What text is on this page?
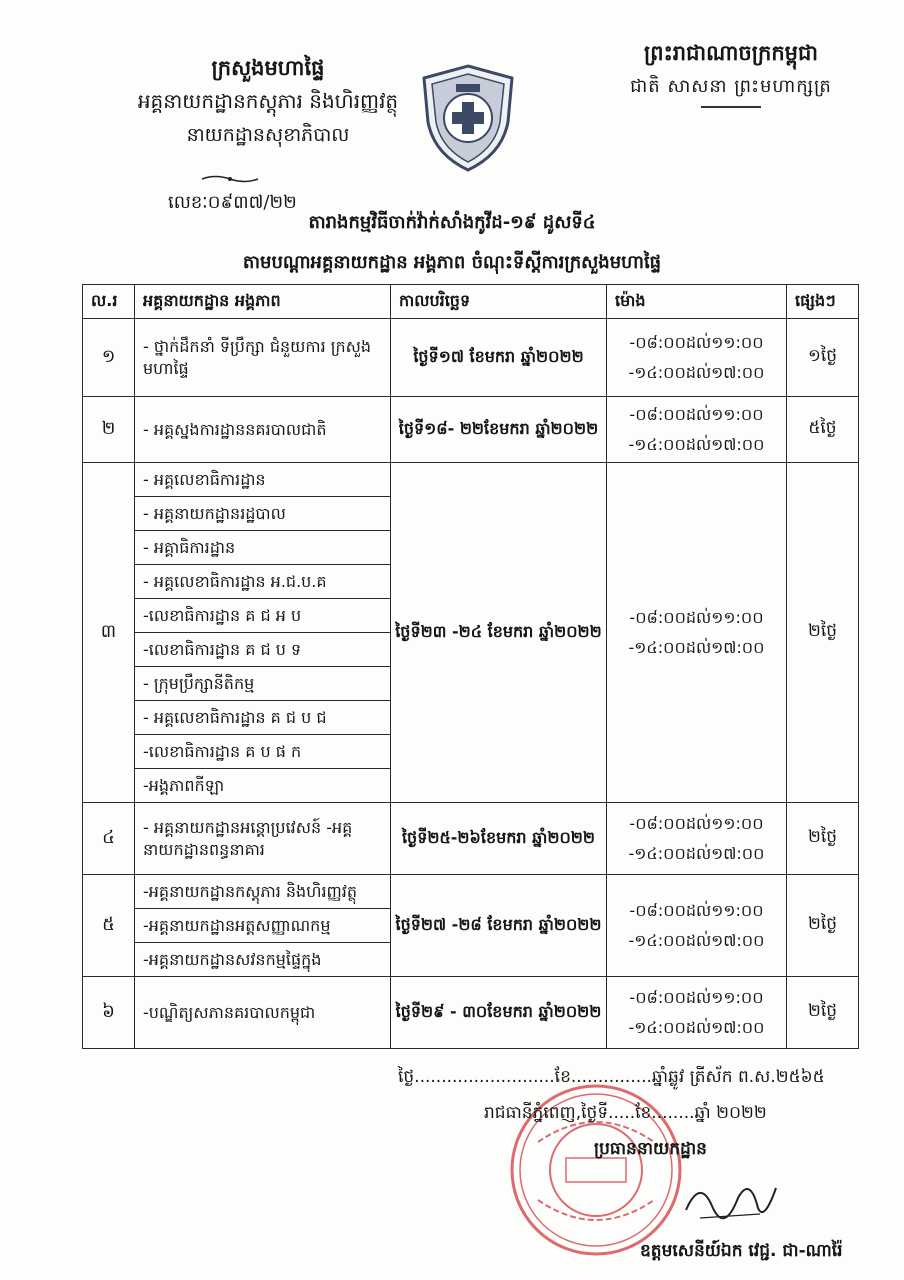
ក្រសួងមហាផ្ទៃ
អគ្គនាយកដ្ឋានកស្តុភារ និងហិរញ្ញវត្ថុ
នាយកដ្ឋានសុខាភិបាល
លេខៈ០៩៣៧/២២
ព្រះរាជាណាចក្រកម្ពុជា
ជាតិ សាសនា ព្រះមហាក្សត្រ
តារាងកម្មវិធីចាក់វ៉ាក់សាំងកូវីដ-១៩ ដូសទី៤
តាមបណ្តាអគ្គនាយកដ្ឋាន អង្គភាព ចំណុះទីស្តីការក្រសួងមហាផ្ទៃ
ល.រ	អគ្គនាយកដ្ឋាន អង្គភាព	កាលបរិច្ឆេទ	ម៉ោង	ផ្សេងៗ
១	- ថ្នាក់ដឹកនាំ ទីប្រឹក្សា ជំនួយការ ក្រសួងមហាផ្ទៃ	ថ្ងៃទី១៧ ខែមករា ឆ្នាំ២០២២	-០៨:០០ដល់១១:០០
-១៤:០០ដល់១៧:០០	១ថ្ងៃ
២	- អគ្គស្នងការដ្ឋាននគរបាលជាតិ	ថ្ងៃទី១៨- ២២ខែមករា ឆ្នាំ២០២២	-០៨:០០ដល់១១:០០
-១៤:០០ដល់១៧:០០	៥ថ្ងៃ
៣	- អគ្គលេខាធិការដ្ឋាន	ថ្ងៃទី២៣ -២៤ ខែមករា ឆ្នាំ២០២២	-០៨:០០ដល់១១:០០
-១៤:០០ដល់១៧:០០	២ថ្ងៃ
	- អគ្គនាយកដ្ឋានរដ្ឋបាល			
	- អគ្គាធិការដ្ឋាន			
	- អគ្គលេខាធិការដ្ឋាន អ.ជ.ប.គ			
	-លេខាធិការដ្ឋាន គ ជ អ ប			
	-លេខាធិការដ្ឋាន គ ជ ប ទ			
	- ក្រុមប្រឹក្សានីតិកម្ម			
	- អគ្គលេខាធិការដ្ឋាន គ ជ ប ជ			
	-លេខាធិការដ្ឋាន គ ប ផ ក			
	-អង្គភាពកីឡា			
៤	- អគ្គនាយកដ្ឋានអន្តោប្រវេសន៍ -អគ្គនាយកដ្ឋានពន្ធនាគារ	ថ្ងៃទី២៥-២៦ខែមករា ឆ្នាំ២០២២	-០៨:០០ដល់១១:០០
-១៤:០០ដល់១៧:០០	២ថ្ងៃ
៥	-អគ្គនាយកដ្ឋានកស្តុភារ និងហិរញ្ញវត្ថុ	ថ្ងៃទី២៧ -២៨ ខែមករា ឆ្នាំ២០២២	-០៨:០០ដល់១១:០០
-១៤:០០ដល់១៧:០០	២ថ្ងៃ
	-អគ្គនាយកដ្ឋានអត្តសញ្ញាណកម្ម			
	-អគ្គនាយកដ្ឋានសវនកម្មផ្ទៃក្នុង			
៦	-បណ្ឌិត្យសភានគរបាលកម្ពុជា	ថ្ងៃទី២៩ - ៣០ខែមករា ឆ្នាំ២០២២	-០៨:០០ដល់១១:០០
-១៤:០០ដល់១៧:០០	២ថ្ងៃ
ថ្ងៃ..........................ខែ...............ឆ្នាំឆ្លូវ ត្រីស័ក ព.ស.២៥៦៥
រាជធានីភ្នំពេញ,ថ្ងៃទី.....ខែ........ឆ្នាំ ២០២២
ប្រធាននាយកដ្ឋាន
ឧត្តមសេនីយ៍ឯក វេជ្ជ. ជា-ណារ៉ៃ
